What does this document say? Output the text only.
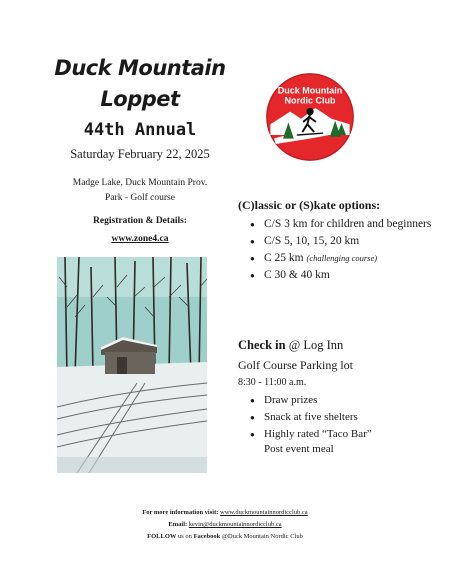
Duck Mountain
Loppet
44th Annual
Saturday February 22, 2025
Madge Lake, Duck Mountain Prov.
Park - Golf course
Registration & Details:
www.zone4.ca
Duck Mountain
Nordic Club
(C)lassic or (S)kate options:
● C/S 3 km for children and beginners
● C/S 5, 10, 15, 20 km
● C 25 km (challenging course)
● C 30 & 40 km
Check in @ Log Inn
Golf Course Parking lot
8:30 - 11:00 a.m.
● Draw prizes
● Snack at five shelters
● Highly rated “Taco Bar”
Post event meal
For more information visit: www.duckmountainnordicclub.ca
Email: kevin@duckmountainnordicclub.ca
FOLLOW us on Facebook @Duck Mountain Nordic Club
